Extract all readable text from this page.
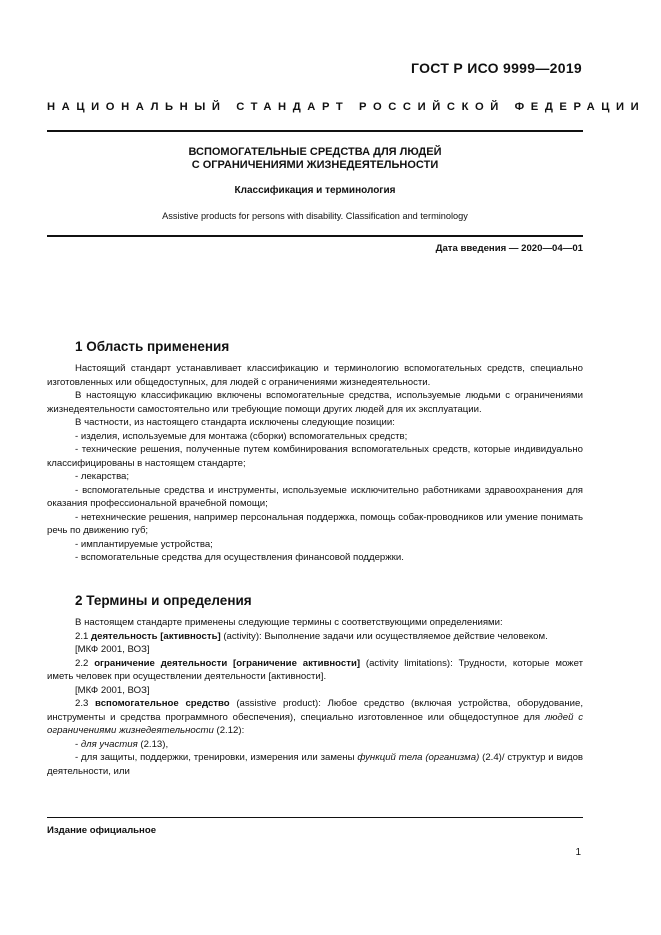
ГОСТ Р ИСО 9999—2019
НАЦИОНАЛЬНЫЙ СТАНДАРТ РОССИЙСКОЙ ФЕДЕРАЦИИ
ВСПОМОГАТЕЛЬНЫЕ СРЕДСТВА ДЛЯ ЛЮДЕЙ
С ОГРАНИЧЕНИЯМИ ЖИЗНЕДЕЯТЕЛЬНОСТИ
Классификация и терминология
Assistive products for persons with disability. Classification and terminology
Дата введения — 2020—04—01
1 Область применения

Настоящий стандарт устанавливает классификацию и терминологию вспомогательных средств, специально изготовленных или общедоступных, для людей с ограничениями жизнедеятельности.

В настоящую классификацию включены вспомогательные средства, используемые людьми с ограничениями жизнедеятельности самостоятельно или требующие помощи других людей для их эксплуатации.

В частности, из настоящего стандарта исключены следующие позиции:

- изделия, используемые для монтажа (сборки) вспомогательных средств;

- технические решения, полученные путем комбинирования вспомогательных средств, которые индивидуально классифицированы в настоящем стандарте;

- лекарства;

- вспомогательные средства и инструменты, используемые исключительно работниками здравоохранения для оказания профессиональной врачебной помощи;

- нетехнические решения, например персональная поддержка, помощь собак-проводников или умение понимать речь по движению губ;

- имплантируемые устройства;

- вспомогательные средства для осуществления финансовой поддержки.

2 Термины и определения

В настоящем стандарте применены следующие термины с соответствующими определениями:

2.1 деятельность [активность] (activity): Выполнение задачи или осуществляемое действие человеком.

[МКФ 2001, ВОЗ]

2.2 ограничение деятельности [ограничение активности] (activity limitations): Трудности, которые может иметь человек при осуществлении деятельности [активности].

[МКФ 2001, ВОЗ]

2.3 вспомогательное средство (assistive product): Любое средство (включая устройства, оборудование, инструменты и средства программного обеспечения), специально изготовленное или общедоступное для людей с ограничениями жизнедеятельности (2.12):

- для участия (2.13),

- для защиты, поддержки, тренировки, измерения или замены функций тела (организма) (2.4)/ структур и видов деятельности, или

Издание официальное
1
